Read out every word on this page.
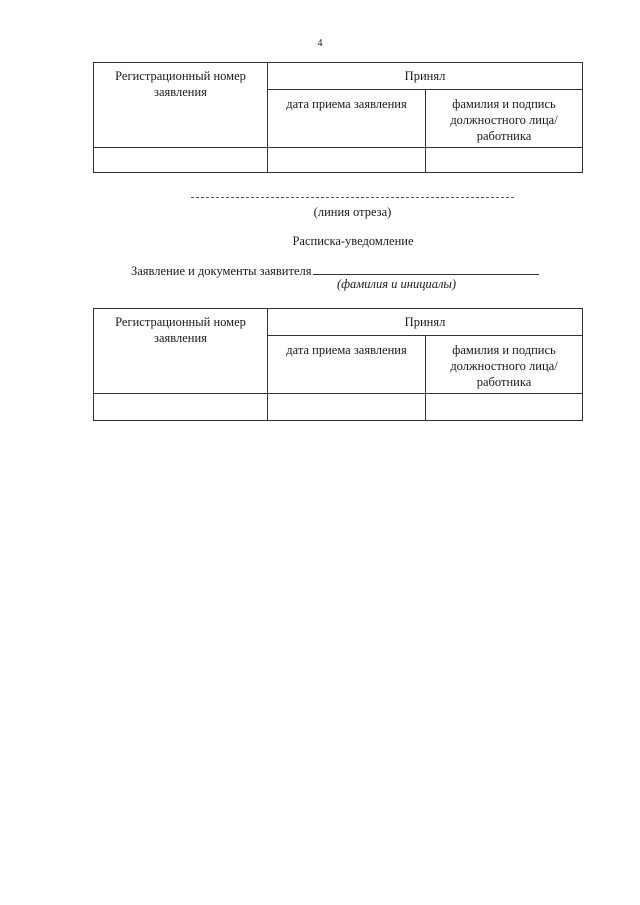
4
Регистрационный номер заявления	Принял	
	дата приема заявления	фамилия и подпись должностного лица/работника

(линия отреза)
Расписка-уведомление
Заявление и документы заявителя
(фамилия и инициалы)
Регистрационный номер заявления	Принял	
	дата приема заявления	фамилия и подпись должностного лица/работника
